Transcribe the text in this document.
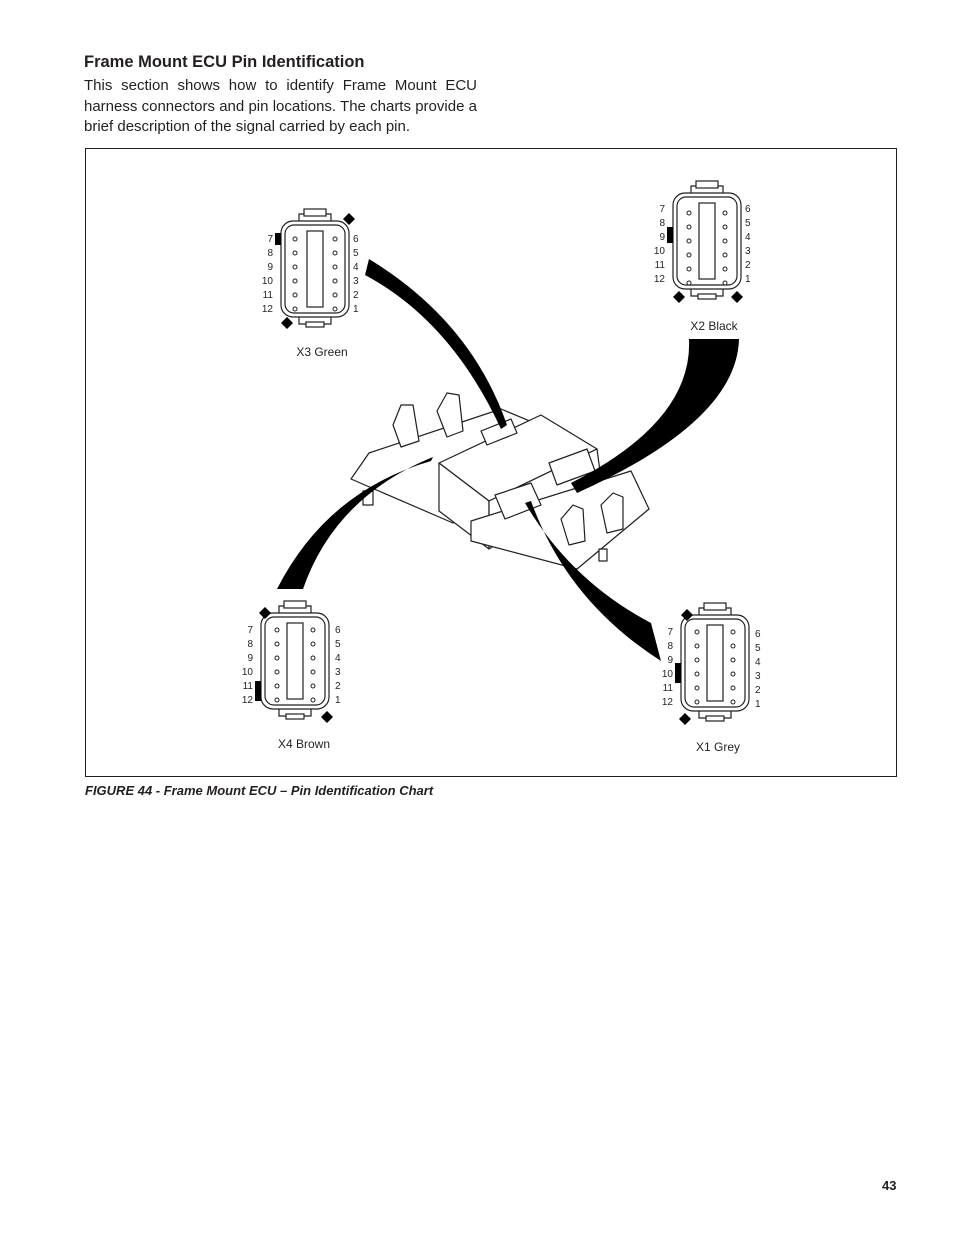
Frame Mount ECU Pin Identification

This section shows how to identify Frame Mount ECU harness connectors and pin locations. The charts provide a brief description of the signal carried by each pin.

7
8
9
10
11
12
6
5
4
3
2
1
X3 Green
7
8
9
10
11
12
6
5
4
3
2
1
X2 Black
7
8
9
10
11
12
6
5
4
3
2
1
X4 Brown
7
8
9
10
11
12
6
5
4
3
2
1
X1 Grey

FIGURE 44 - Frame Mount ECU – Pin Identification Chart

43
